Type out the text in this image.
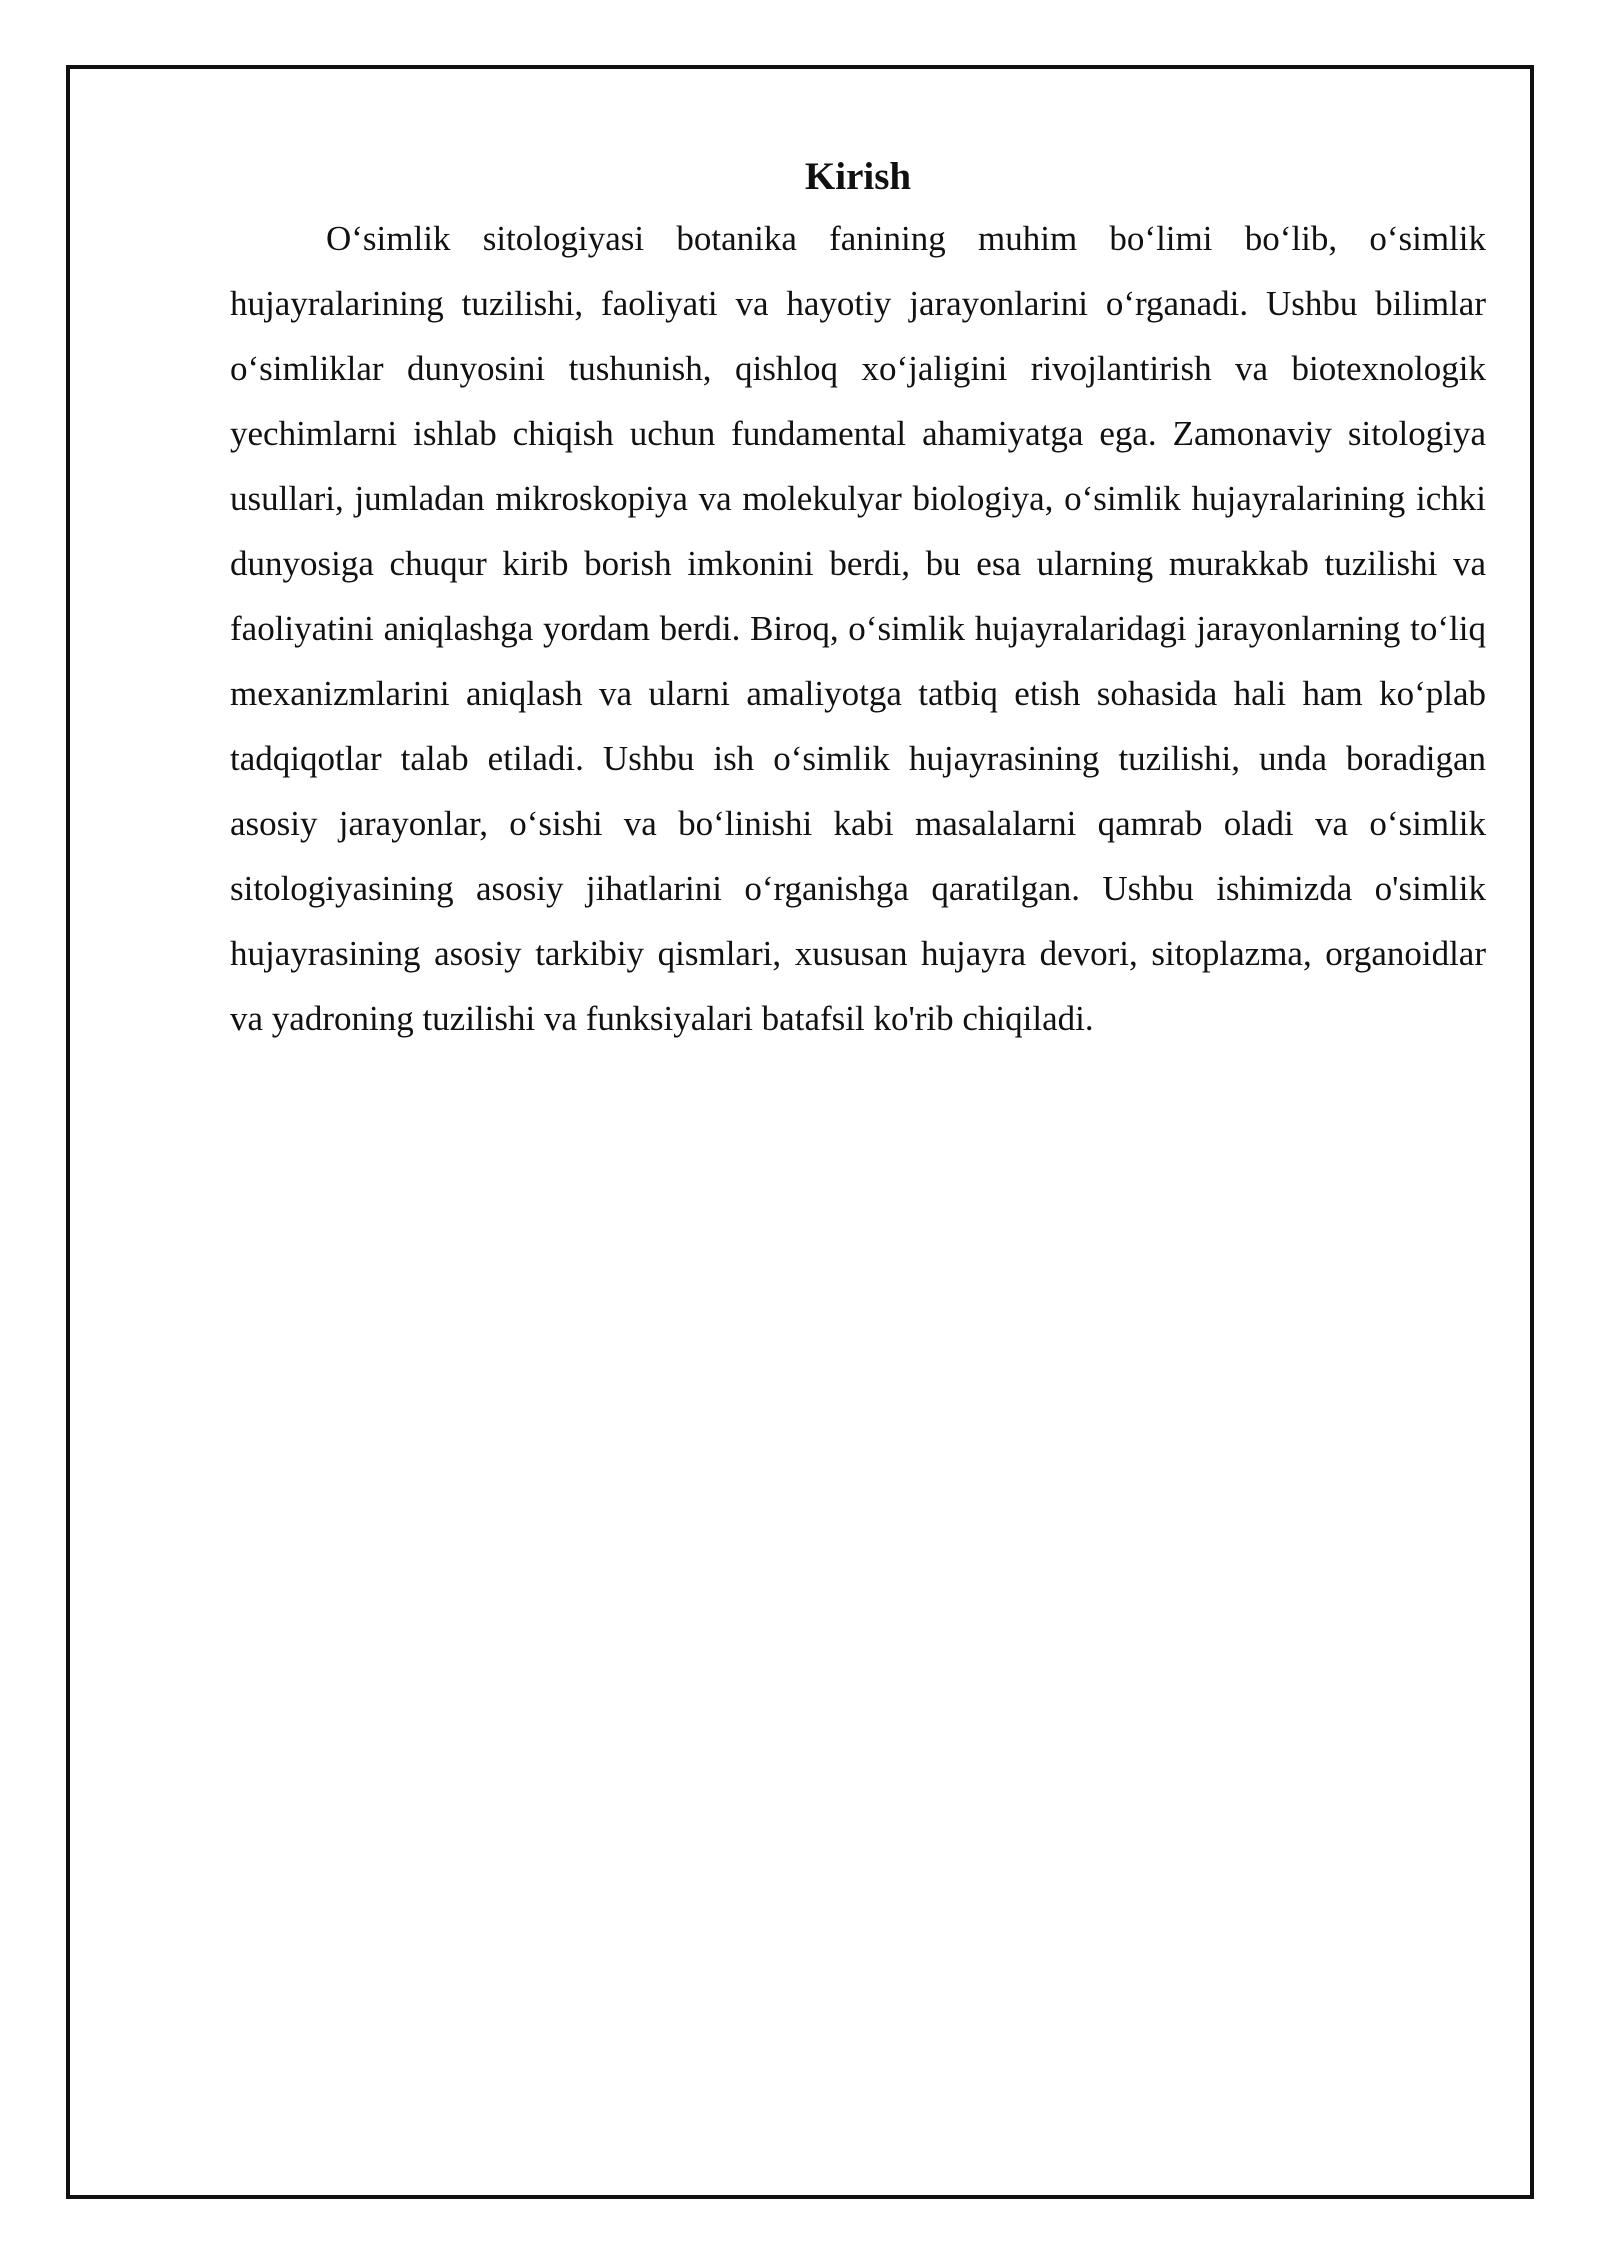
Kirish

O‘simlik sitologiyasi botanika fanining muhim bo‘limi bo‘lib, o‘simlik hujayralarining tuzilishi, faoliyati va hayotiy jarayonlarini o‘rganadi. Ushbu bilimlar o‘simliklar dunyosini tushunish, qishloq xo‘jaligini rivojlantirish va biotexnologik yechimlarni ishlab chiqish uchun fundamental ahamiyatga ega. Zamonaviy sitologiya usullari, jumladan mikroskopiya va molekulyar biologiya, o‘simlik hujayralarining ichki dunyosiga chuqur kirib borish imkonini berdi, bu esa ularning murakkab tuzilishi va faoliyatini aniqlashga yordam berdi. Biroq, o‘simlik hujayralaridagi jarayonlarning to‘liq mexanizmlarini aniqlash va ularni amaliyotga tatbiq etish sohasida hali ham ko‘plab tadqiqotlar talab etiladi. Ushbu ish o‘simlik hujayrasining tuzilishi, unda boradigan asosiy jarayonlar, o‘sishi va bo‘linishi kabi masalalarni qamrab oladi va o‘simlik sitologiyasining asosiy jihatlarini o‘rganishga qaratilgan. Ushbu ishimizda o'simlik hujayrasining asosiy tarkibiy qismlari, xususan hujayra devori, sitoplazma, organoidlar va yadroning tuzilishi va funksiyalari batafsil ko'rib chiqiladi.
